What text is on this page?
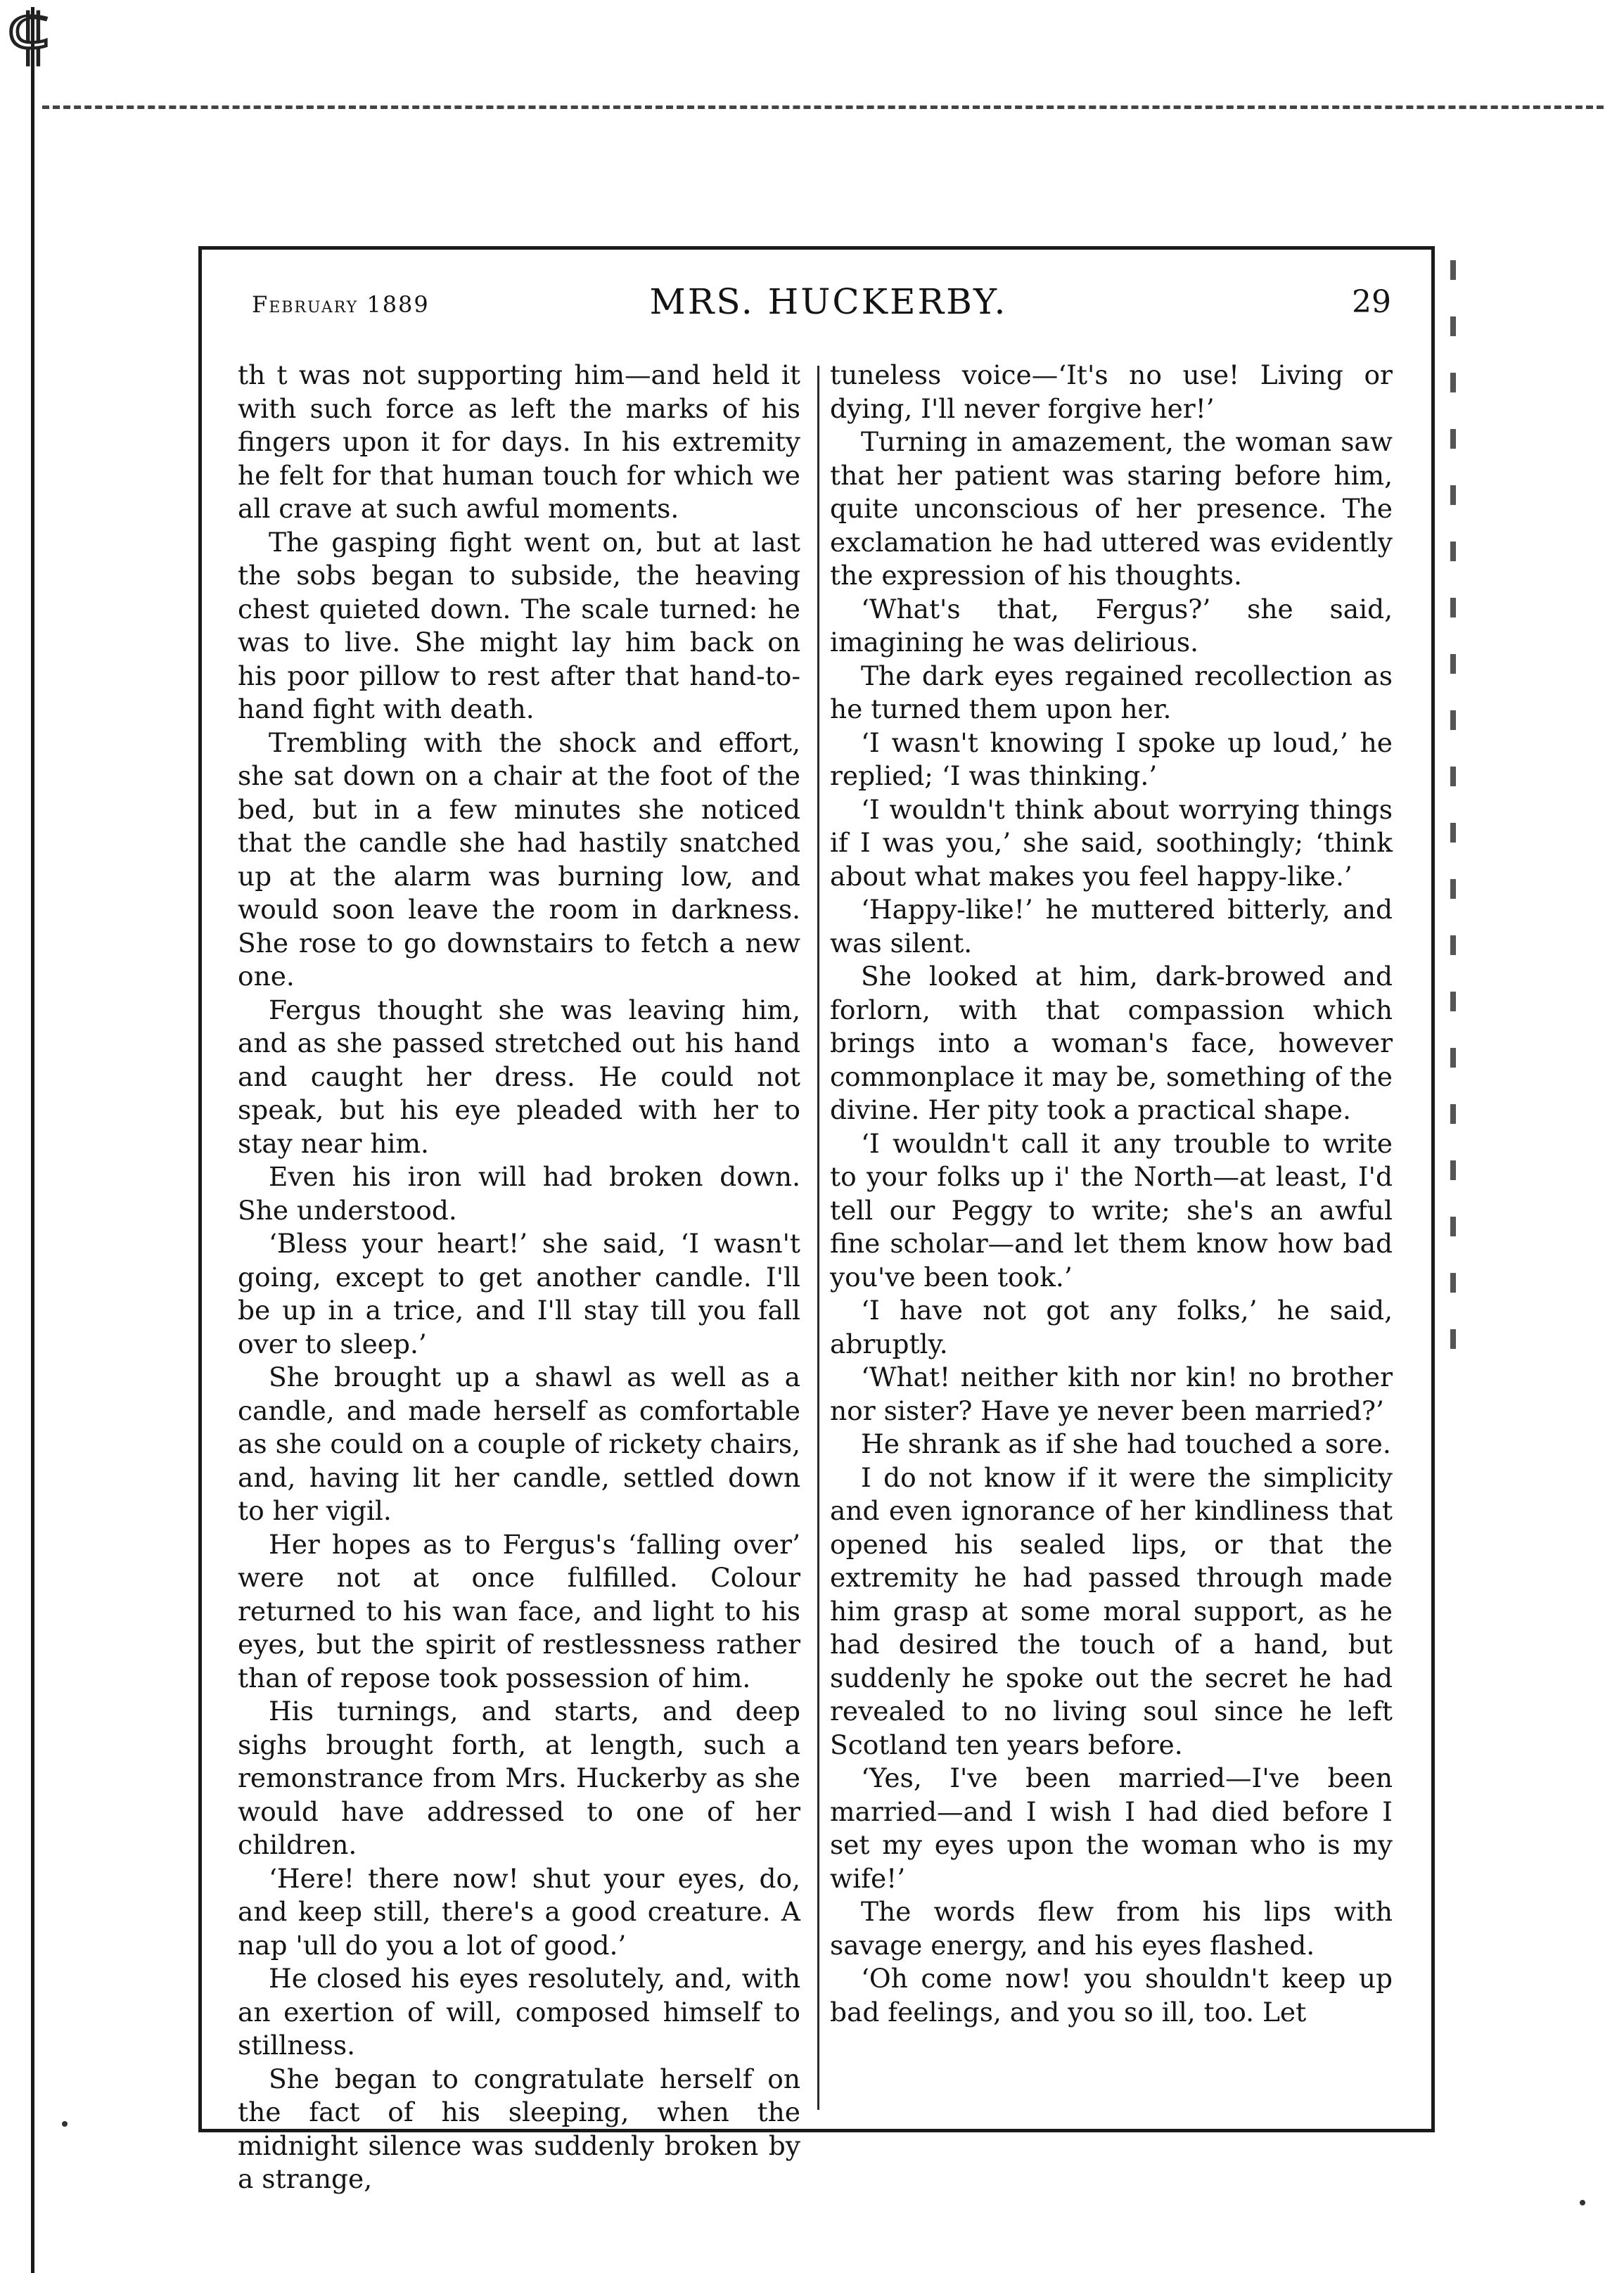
⸿
February 1889	MRS. HUCKERBY.	29

th t was not supporting him—and held it with such force as left the marks of his fingers upon it for days. In his extremity he felt for that human touch for which we all crave at such awful moments.

The gasping fight went on, but at last the sobs began to subside, the heaving chest quieted down. The scale turned: he was to live. She might lay him back on his poor pillow to rest after that hand-to-hand fight with death.

Trembling with the shock and effort, she sat down on a chair at the foot of the bed, but in a few minutes she noticed that the candle she had hastily snatched up at the alarm was burning low, and would soon leave the room in darkness. She rose to go downstairs to fetch a new one.

Fergus thought she was leaving him, and as she passed stretched out his hand and caught her dress. He could not speak, but his eye pleaded with her to stay near him.

Even his iron will had broken down. She understood.

‘Bless your heart!’ she said, ‘I wasn't going, except to get another candle. I'll be up in a trice, and I'll stay till you fall over to sleep.’

She brought up a shawl as well as a candle, and made herself as comfortable as she could on a couple of rickety chairs, and, having lit her candle, settled down to her vigil.

Her hopes as to Fergus's ‘falling over’ were not at once fulfilled. Colour returned to his wan face, and light to his eyes, but the spirit of restlessness rather than of repose took possession of him.

His turnings, and starts, and deep sighs brought forth, at length, such a remonstrance from Mrs. Huckerby as she would have addressed to one of her children.

‘Here! there now! shut your eyes, do, and keep still, there's a good creature. A nap 'ull do you a lot of good.’

He closed his eyes resolutely, and, with an exertion of will, composed himself to stillness.

She began to congratulate herself on the fact of his sleeping, when the midnight silence was suddenly broken by a strange,

tuneless voice—‘It's no use! Living or dying, I'll never forgive her!’

Turning in amazement, the woman saw that her patient was staring before him, quite unconscious of her presence. The exclamation he had uttered was evidently the expression of his thoughts.

‘What's that, Fergus?’ she said, imagining he was delirious.

The dark eyes regained recollection as he turned them upon her.

‘I wasn't knowing I spoke up loud,’ he replied; ‘I was thinking.’

‘I wouldn't think about worrying things if I was you,’ she said, soothingly; ‘think about what makes you feel happy-like.’

‘Happy-like!’ he muttered bitterly, and was silent.

She looked at him, dark-browed and forlorn, with that compassion which brings into a woman's face, however commonplace it may be, something of the divine. Her pity took a practical shape.

‘I wouldn't call it any trouble to write to your folks up i' the North—at least, I'd tell our Peggy to write; she's an awful fine scholar—and let them know how bad you've been took.’

‘I have not got any folks,’ he said, abruptly.

‘What! neither kith nor kin! no brother nor sister? Have ye never been married?’

He shrank as if she had touched a sore.

I do not know if it were the simplicity and even ignorance of her kindliness that opened his sealed lips, or that the extremity he had passed through made him grasp at some moral support, as he had desired the touch of a hand, but suddenly he spoke out the secret he had revealed to no living soul since he left Scotland ten years before.

‘Yes, I've been married—I've been married—and I wish I had died before I set my eyes upon the woman who is my wife!’

The words flew from his lips with savage energy, and his eyes flashed.

‘Oh come now! you shouldn't keep up bad feelings, and you so ill, too. Let
